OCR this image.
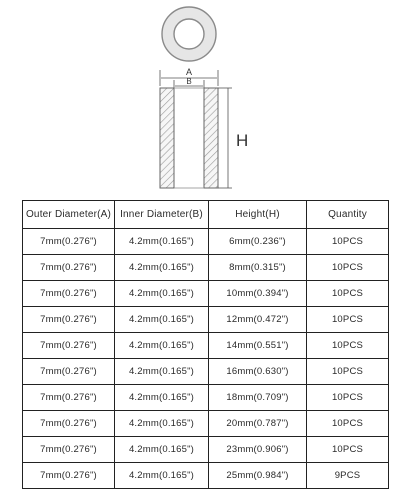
A
B
H
Outer Diameter(A)	Inner Diameter(B)	Height(H)	Quantity
7mm(0.276")	4.2mm(0.165")	6mm(0.236")	10PCS
7mm(0.276")	4.2mm(0.165")	8mm(0.315")	10PCS
7mm(0.276")	4.2mm(0.165")	10mm(0.394")	10PCS
7mm(0.276")	4.2mm(0.165")	12mm(0.472")	10PCS
7mm(0.276")	4.2mm(0.165")	14mm(0.551")	10PCS
7mm(0.276")	4.2mm(0.165")	16mm(0.630")	10PCS
7mm(0.276")	4.2mm(0.165")	18mm(0.709")	10PCS
7mm(0.276")	4.2mm(0.165")	20mm(0.787")	10PCS
7mm(0.276")	4.2mm(0.165")	23mm(0.906")	10PCS
7mm(0.276")	4.2mm(0.165")	25mm(0.984")	9PCS
